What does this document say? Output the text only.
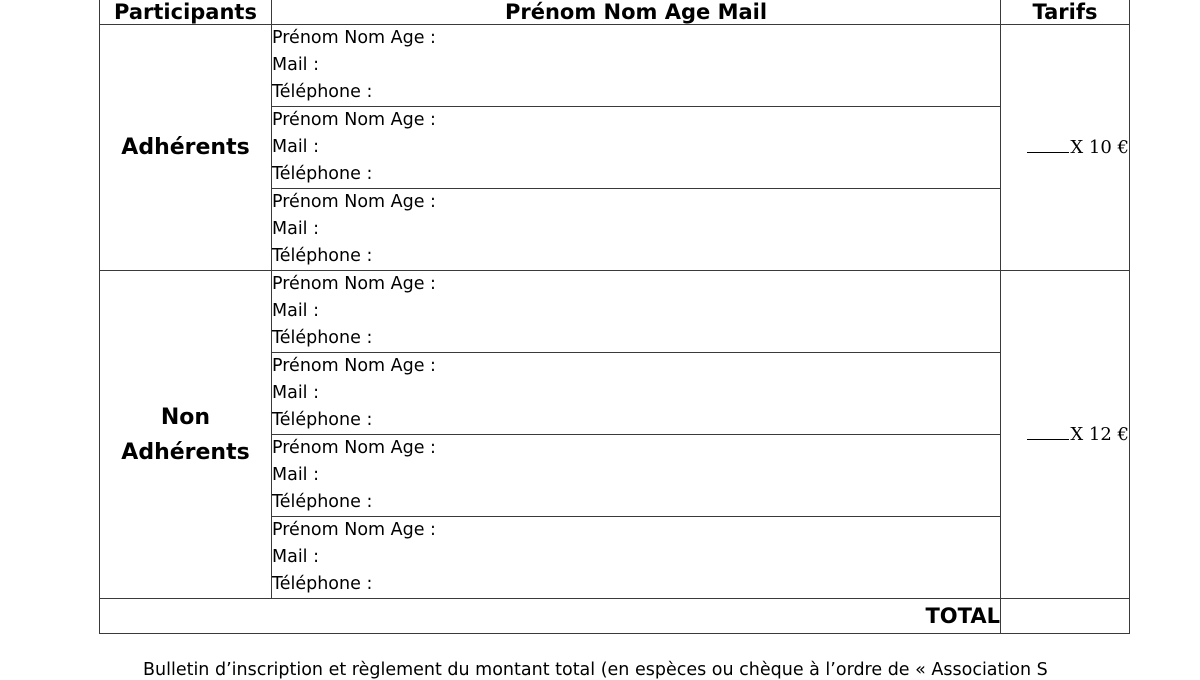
Participants	Prénom Nom Age Mail	Tarifs

Adhérents	Prénom Nom Age :
Mail :
Téléphone :	X 10 €

	Prénom Nom Age :
Mail :
Téléphone :	

	Prénom Nom Age :
Mail :
Téléphone :	

Non
Adhérents	Prénom Nom Age :
Mail :
Téléphone :	X 12 €

	Prénom Nom Age :
Mail :
Téléphone :	

	Prénom Nom Age :
Mail :
Téléphone :	

	Prénom Nom Age :
Mail :
Téléphone :	

TOTAL		
Bulletin d’inscription et règlement du montant total (en espèces ou chèque à l’ordre de « Association S
